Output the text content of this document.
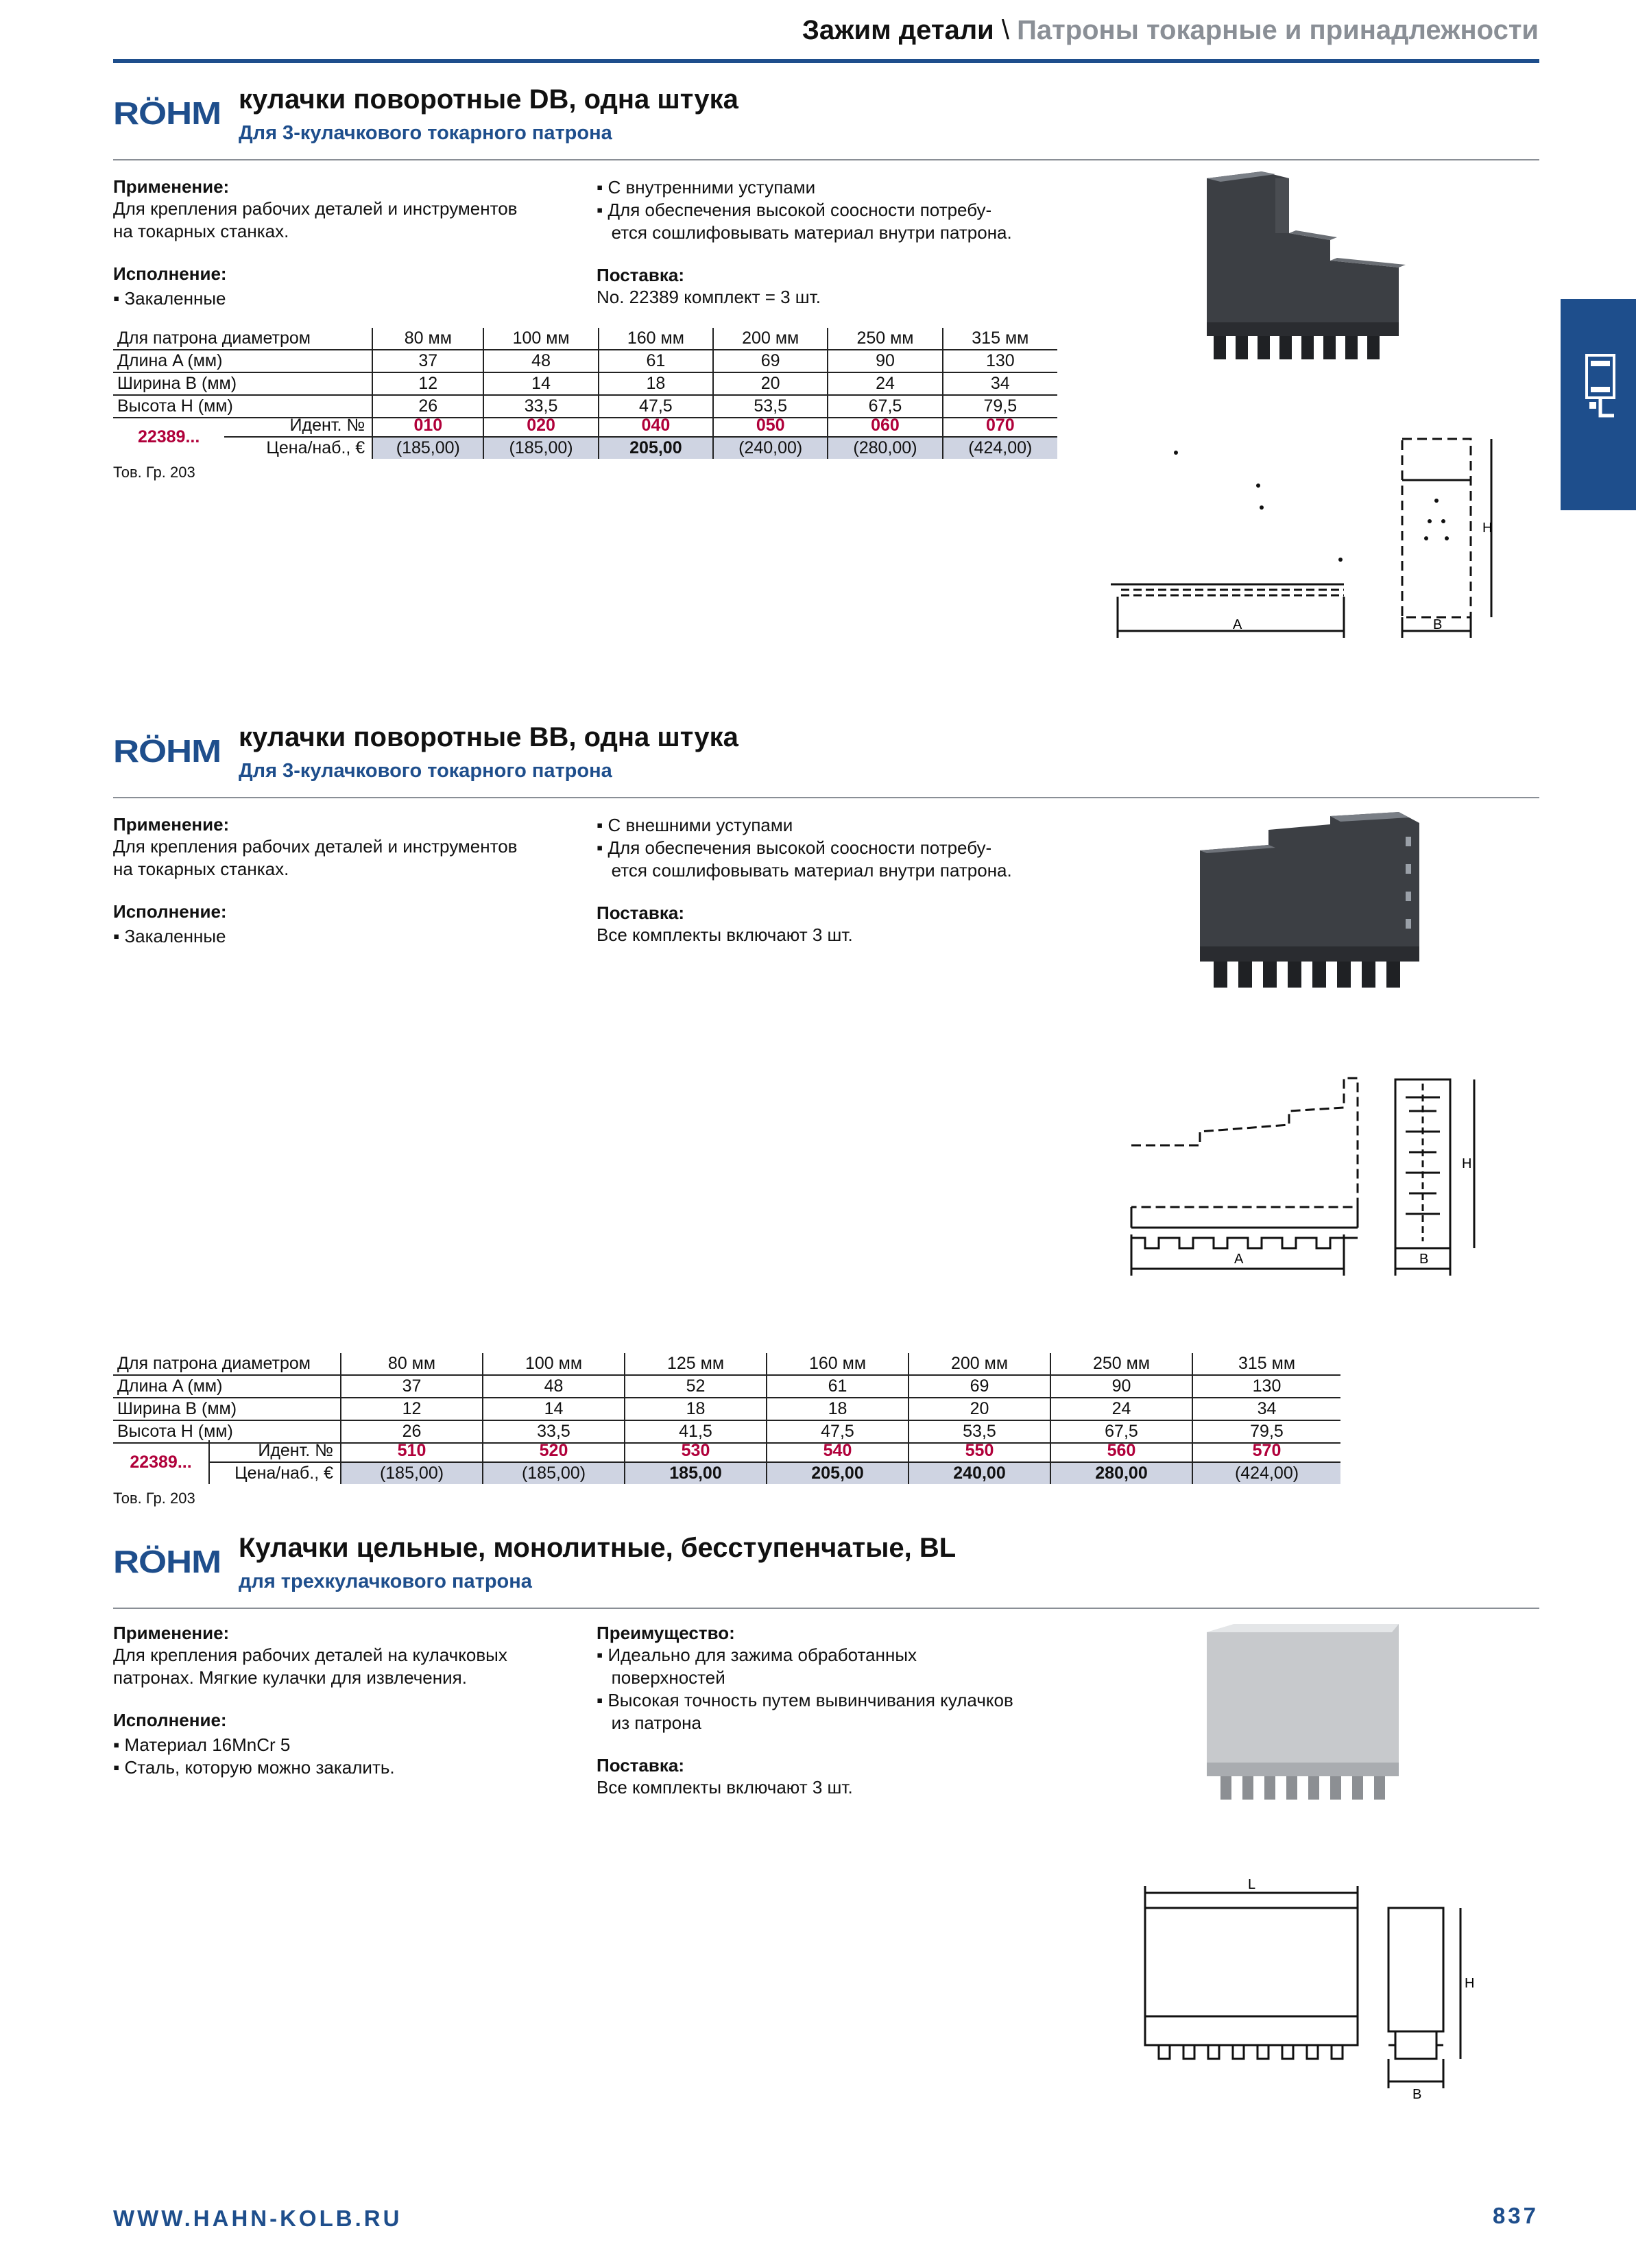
Зажим детали \ Патроны токарные и принадлежности
RÖHM кулачки поворотные DB, одна штука
Для 3-кулачкового токарного патрона
Применение:
Для крепления рабочих деталей и инструментов
на токарных станках.
Исполнение:
▪ Закаленные
▪ С внутренними уступами
▪ Для обеспечения высокой соосности потребу-
ется сошлифовывать материал внутри патрона.
Поставка:
No. 22389 комплект = 3 шт.
Для патрона диаметром	80 мм	100 мм	160 мм	200 мм	250 мм	315 мм
Длина A (мм)	37	48	61	69	90	130
Ширина B (мм)	12	14	18	20	24	34
Высота H (мм)	26	33,5	47,5	53,5	67,5	79,5
22389...	Идент. №	010	020	040	050	060	070
	Цена/наб., €	(185,00)	(185,00)	205,00	(240,00)	(280,00)	(424,00)
Тов. Гр. 203
A	B
H
RÖHM кулачки поворотные BB, одна штука
Для 3-кулачкового токарного патрона
Применение:
Для крепления рабочих деталей и инструментов
на токарных станках.
Исполнение:
▪ Закаленные
▪ С внешними уступами
▪ Для обеспечения высокой соосности потребу-
ется сошлифовывать материал внутри патрона.
Поставка:
Все комплекты включают 3 шт.
A	B
H
Для патрона диаметром	80 мм	100 мм	125 мм	160 мм	200 мм	250 мм	315 мм
Длина A (мм)	37	48	52	61	69	90	130
Ширина B (мм)	12	14	18	18	20	24	34
Высота H (мм)	26	33,5	41,5	47,5	53,5	67,5	79,5
22389...	Идент. №	510	520	530	540	550	560	570
	Цена/наб., €	(185,00)	(185,00)	185,00	205,00	240,00	280,00	(424,00)
Тов. Гр. 203
RÖHM Кулачки цельные, монолитные, бесступенчатые, BL
для трехкулачкового патрона
Применение:
Для крепления рабочих деталей на кулачковых
патронах. Мягкие кулачки для извлечения.
Исполнение:
▪ Материал 16MnCr 5
▪ Сталь, которую можно закалить.
Преимущество:
▪ Идеально для зажима обработанных
поверхностей
▪ Высокая точность путем вывинчивания кулачков
из патрона
Поставка:
Все комплекты включают 3 шт.
L
B
H
WWW.HAHN-KOLB.RU	837
